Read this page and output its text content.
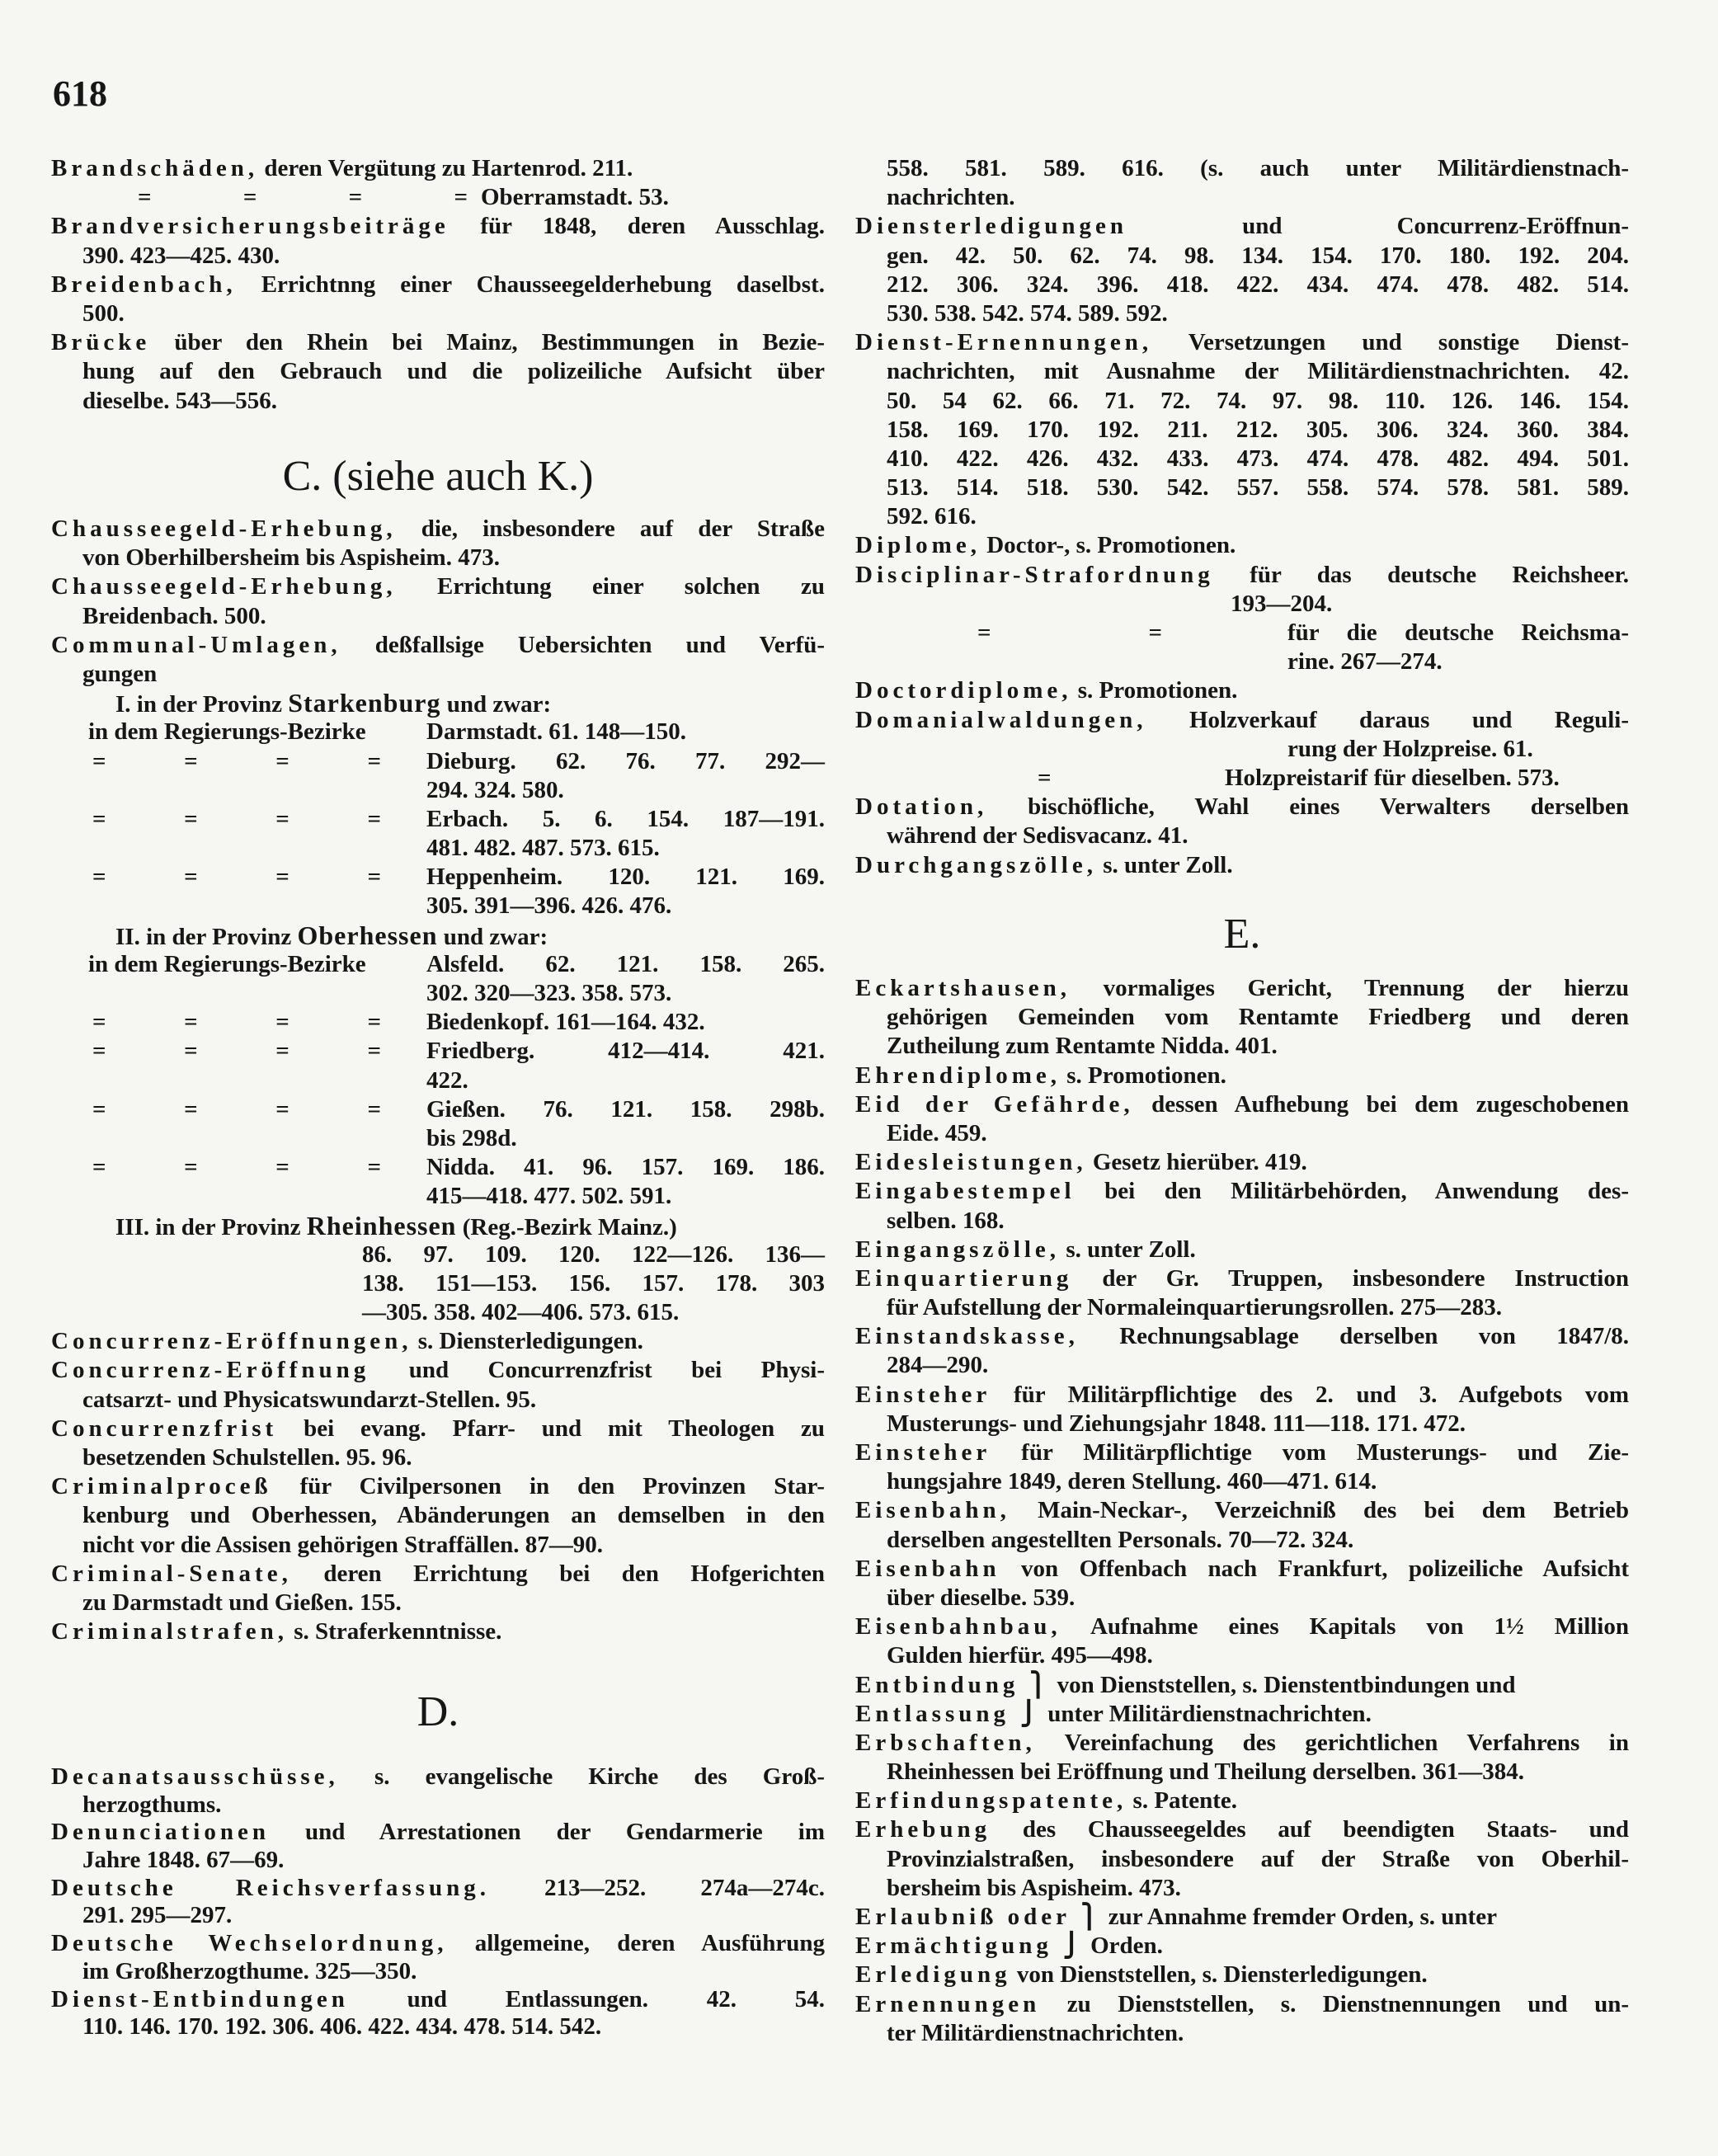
618
Brandschäden, deren Vergütung zu Hartenrod. 211.
= = = = Oberramstadt. 53.
Brandversicherungsbeiträge für 1848, deren Ausschlag.
390. 423—425. 430.
Breidenbach, Errichtnng einer Chausseegelderhebung daselbst.
500.
Brücke über den Rhein bei Mainz, Bestimmungen in Bezie-
hung auf den Gebrauch und die polizeiliche Aufsicht über
dieselbe. 543—556.
C. (siehe auch K.)
Chausseegeld-Erhebung, die, insbesondere auf der Straße
von Oberhilbersheim bis Aspisheim. 473.
Chausseegeld-Erhebung, Errichtung einer solchen zu
Breidenbach. 500.
Communal-Umlagen, deßfallsige Uebersichten und Verfü-
gungen
I. in der Provinz Starkenburg und zwar:
in dem Regierungs-Bezirke	Darmstadt. 61. 148—150.
= = = = Dieburg. 62. 76. 77. 292—
294. 324. 580.
= = = = Erbach. 5. 6. 154. 187—191.
481. 482. 487. 573. 615.
= = = = Heppenheim. 120. 121. 169.
305. 391—396. 426. 476.
II. in der Provinz Oberhessen und zwar:
in dem Regierungs-Bezirke	Alsfeld. 62. 121. 158. 265.
302. 320—323. 358. 573.
= = = = Biedenkopf. 161—164. 432.
= = = = Friedberg. 412—414. 421.
422.
= = = = Gießen. 76. 121. 158. 298b.
bis 298d.
= = = = Nidda. 41. 96. 157. 169. 186.
415—418. 477. 502. 591.
III. in der Provinz Rheinhessen (Reg.-Bezirk Mainz.)
86. 97. 109. 120. 122—126. 136—
138. 151—153. 156. 157. 178. 303
—305. 358. 402—406. 573. 615.
Concurrenz-Eröffnungen, s. Diensterledigungen.
Concurrenz-Eröffnung und Concurrenzfrist bei Physi-
catsarzt- und Physicatswundarzt-Stellen. 95.
Concurrenzfrist bei evang. Pfarr- und mit Theologen zu
besetzenden Schulstellen. 95. 96.
Criminalproceß für Civilpersonen in den Provinzen Star-
kenburg und Oberhessen, Abänderungen an demselben in den
nicht vor die Assisen gehörigen Straffällen. 87—90.
Criminal-Senate, deren Errichtung bei den Hofgerichten
zu Darmstadt und Gießen. 155.
Criminalstrafen, s. Straferkenntnisse.
D.
Decanatsausschüsse, s. evangelische Kirche des Groß-
herzogthums.
Denunciationen und Arrestationen der Gendarmerie im
Jahre 1848. 67—69.
Deutsche Reichsverfassung. 213—252. 274a—274c.
291. 295—297.
Deutsche Wechselordnung, allgemeine, deren Ausführung
im Großherzogthume. 325—350.
Dienst-Entbindungen und Entlassungen. 42. 54.
110. 146. 170. 192. 306. 406. 422. 434. 478. 514. 542.
558. 581. 589. 616. (s. auch unter Militärdienstnach-
nachrichten.
Diensterledigungen	und Concurrenz-Eröffnun-
gen. 42. 50. 62. 74. 98. 134. 154. 170. 180. 192. 204.
212. 306. 324. 396. 418. 422. 434. 474. 478. 482. 514.
530. 538. 542. 574. 589. 592.
Dienst-Ernennungen, Versetzungen und sonstige Dienst-
nachrichten, mit Ausnahme der Militärdienstnachrichten. 42.
50. 54 62. 66. 71. 72. 74. 97. 98. 110. 126. 146. 154.
158. 169. 170. 192. 211. 212. 305. 306. 324. 360. 384.
410. 422. 426. 432. 433. 473. 474. 478. 482. 494. 501.
513. 514. 518. 530. 542. 557. 558. 574. 578. 581. 589.
592. 616.
Diplome, Doctor-, s. Promotionen.
Disciplinar-Strafordnung für das deutsche Reichsheer.
193—204.
= =	für die deutsche Reichsma-
rine. 267—274.
Doctordiplome, s. Promotionen.
Domanialwaldungen, Holzverkauf daraus und Reguli-
rung der Holzpreise. 61.
=	Holzpreistarif für dieselben. 573.
Dotation, bischöfliche, Wahl eines Verwalters derselben
während der Sedisvacanz. 41.
Durchgangszölle, s. unter Zoll.
E.
Eckartshausen, vormaliges Gericht, Trennung der hierzu
gehörigen Gemeinden vom Rentamte Friedberg und deren
Zutheilung zum Rentamte Nidda. 401.
Ehrendiplome, s. Promotionen.
Eid der Gefährde, dessen Aufhebung bei dem zugeschobenen
Eide. 459.
Eidesleistungen, Gesetz hierüber. 419.
Eingabestempel bei den Militärbehörden, Anwendung des-
selben. 168.
Eingangszölle, s. unter Zoll.
Einquartierung der Gr. Truppen, insbesondere Instruction
für Aufstellung der Normaleinquartierungsrollen. 275—283.
Einstandskasse, Rechnungsablage derselben von 1847/8.
284—290.
Einsteher für Militärpflichtige des 2. und 3. Aufgebots vom
Musterungs- und Ziehungsjahr 1848. 111—118. 171. 472.
Einsteher für Militärpflichtige vom Musterungs- und Zie-
hungsjahre 1849, deren Stellung. 460—471. 614.
Eisenbahn, Main-Neckar-, Verzeichniß des bei dem Betrieb
derselben angestellten Personals. 70—72. 324.
Eisenbahn von Offenbach nach Frankfurt, polizeiliche Aufsicht
über dieselbe. 539.
Eisenbahnbau, Aufnahme eines Kapitals von 1½ Million
Gulden hierfür. 495—498.
Entbindung ⎫ von Dienststellen, s. Dienstentbindungen und
Entlassung ⎭ unter Militärdienstnachrichten.
Erbschaften, Vereinfachung des gerichtlichen Verfahrens in
Rheinhessen bei Eröffnung und Theilung derselben. 361—384.
Erfindungspatente, s. Patente.
Erhebung des Chausseegeldes auf beendigten Staats- und
Provinzialstraßen, insbesondere auf der Straße von Oberhil-
bersheim bis Aspisheim. 473.
Erlaubniß oder ⎫ zur Annahme fremder Orden, s. unter
Ermächtigung ⎭ Orden.
Erledigung von Dienststellen, s. Diensterledigungen.
Ernennungen zu Dienststellen, s. Dienstnennungen und un-
ter Militärdienstnachrichten.
